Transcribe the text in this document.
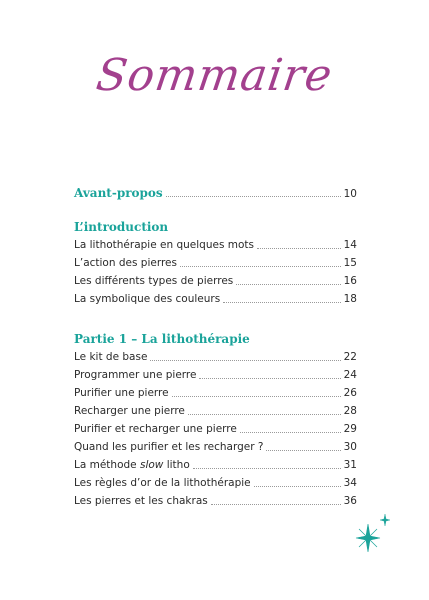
Sommaire
Avant-propos	10
L’introduction
La lithothérapie en quelques mots	14
L’action des pierres	15
Les différents types de pierres	16
La symbolique des couleurs	18
Partie 1 – La lithothérapie
Le kit de base	22
Programmer une pierre	24
Purifier une pierre	26
Recharger une pierre	28
Purifier et recharger une pierre	29
Quand les purifier et les recharger ?	30
La méthode slow litho	31
Les règles d’or de la lithothérapie	34
Les pierres et les chakras	36
